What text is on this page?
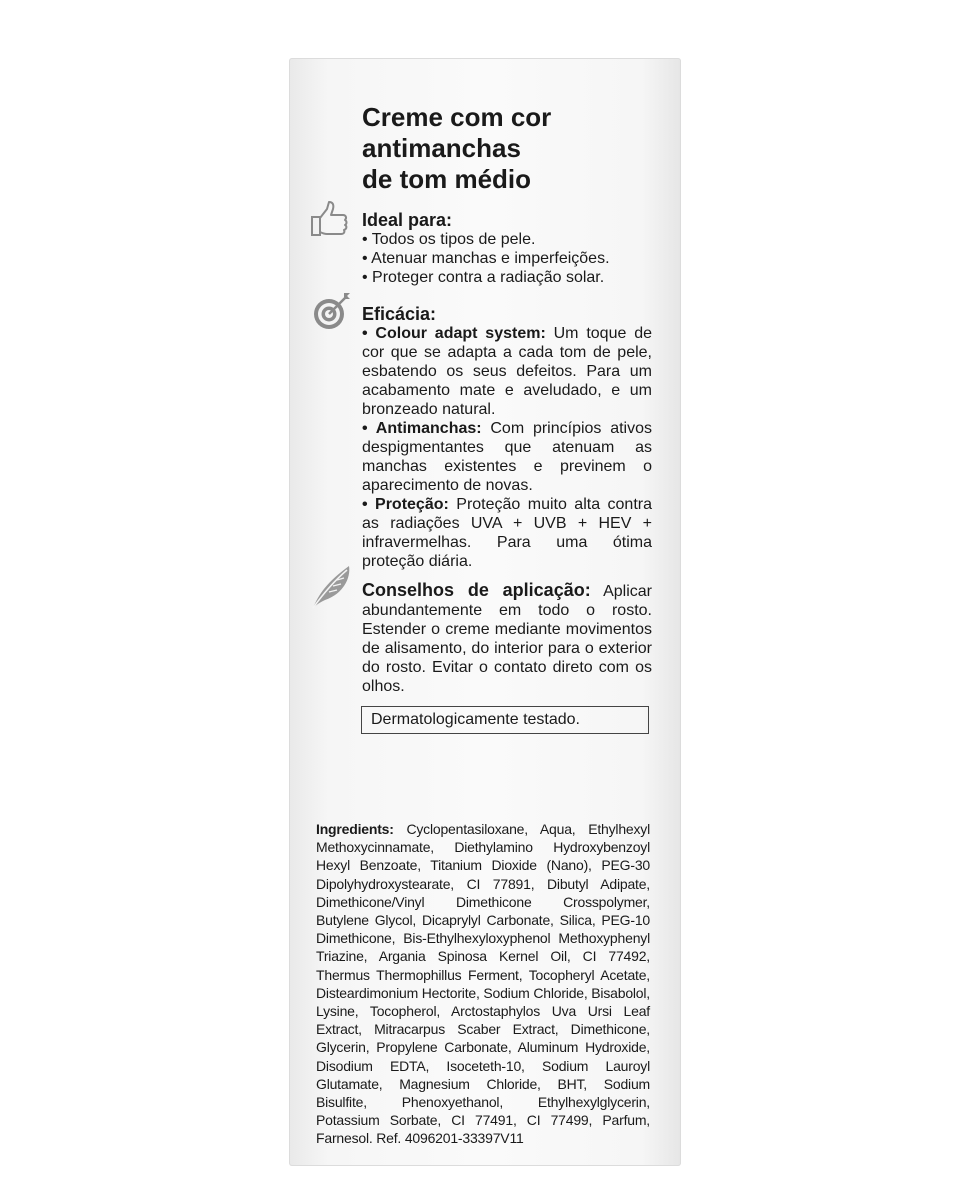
Creme com cor
antimanchas
de tom médio
Ideal para:
• Todos os tipos de pele.
• Atenuar manchas e imperfeições.
• Proteger contra a radiação solar.
Eficácia:
• Colour adapt system: Um toque de cor que se adapta a cada tom de pele, esbatendo os seus defeitos. Para um acabamento mate e aveludado, e um bronzeado natural.
• Antimanchas: Com princípios ativos despigmentantes que atenuam as manchas existentes e previnem o aparecimento de novas.
• Proteção: Proteção muito alta contra as radiações UVA + UVB + HEV + infravermelhas. Para uma ótima proteção diária.
Conselhos de aplicação: Aplicar abundantemente em todo o rosto. Estender o creme mediante movimentos de alisamento, do interior para o exterior do rosto. Evitar o contato direto com os olhos.
Dermatologicamente testado.
Ingredients: Cyclopentasiloxane, Aqua, Ethylhexyl Methoxycinnamate, Diethylamino Hydroxybenzoyl Hexyl Benzoate, Titanium Dioxide (Nano), PEG-30 Dipolyhydroxystearate, CI 77891, Dibutyl Adipate, Dimethicone/Vinyl Dimethicone Crosspolymer, Butylene Glycol, Dicaprylyl Carbonate, Silica, PEG-10 Dimethicone, Bis-Ethylhexyloxyphenol Methoxyphenyl Triazine, Argania Spinosa Kernel Oil, CI 77492, Thermus Thermophillus Ferment, Tocopheryl Acetate, Disteardimonium Hectorite, Sodium Chloride, Bisabolol, Lysine, Tocopherol, Arctostaphylos Uva Ursi Leaf Extract, Mitracarpus Scaber Extract, Dimethicone, Glycerin, Propylene Carbonate, Aluminum Hydroxide, Disodium EDTA, Isoceteth-10, Sodium Lauroyl Glutamate, Magnesium Chloride, BHT, Sodium Bisulfite, Phenoxyethanol, Ethylhexylglycerin, Potassium Sorbate, CI 77491, CI 77499, Parfum, Farnesol. Ref. 4096201-33397V11
